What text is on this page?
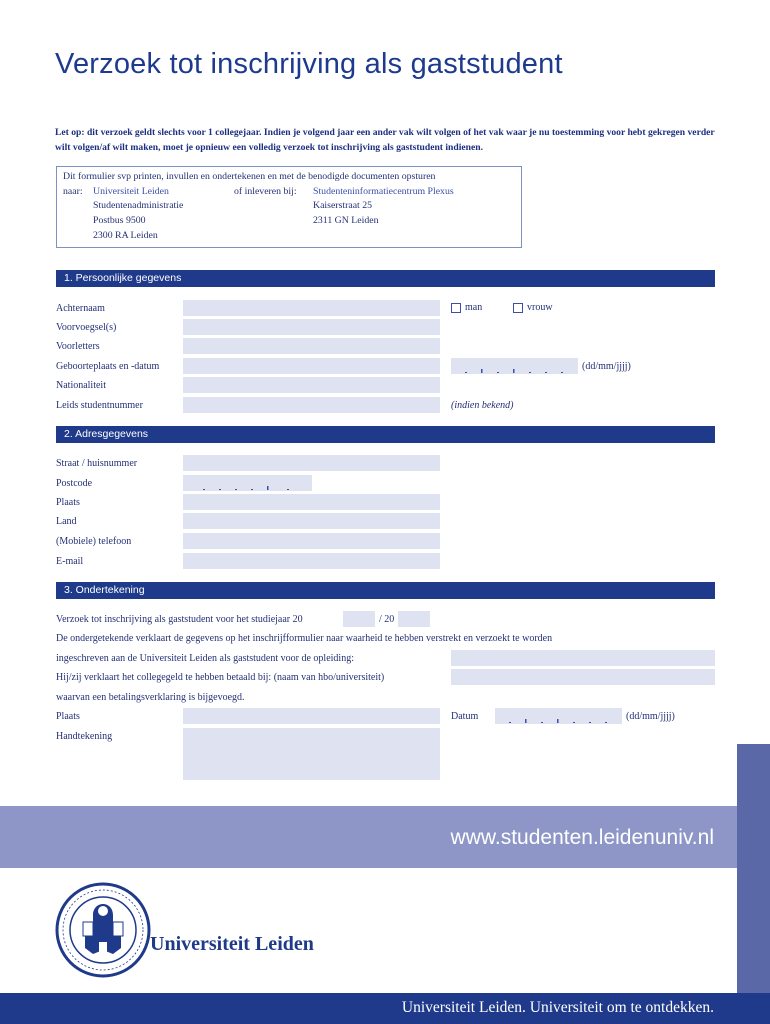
Verzoek tot inschrijving als gaststudent
Let op: dit verzoek geldt slechts voor 1 collegejaar. Indien je volgend jaar een ander vak wilt volgen of het vak waar je nu toestemming voor hebt gekregen verder wilt volgen/af wilt maken, moet je opnieuw een volledig verzoek tot inschrijving als gaststudent indienen.
Dit formulier svp printen, invullen en ondertekenen en met de benodigde documenten opsturen
naar: Universiteit Leiden
Studentenadministratie
Postbus 9500
2300 RA Leiden
of inleveren bij: Studenteninformatiecentrum Plexus
Kaiserstraat 25
2311 GN Leiden
1. Persoonlijke gegevens
Achternaam	man	vrouw
Voorvoegsel(s)
Voorletters
Geboorteplaats en -datum	(dd/mm/jjjj)
Nationaliteit
Leids studentnummer	(indien bekend)
2. Adresgegevens
Straat / huisnummer
Postcode
Plaats
Land
(Mobiele) telefoon
E-mail
3. Ondertekening
Verzoek tot inschrijving als gaststudent voor het studiejaar 20	/ 20
De ondergetekende verklaart de gegevens op het inschrijfformulier naar waarheid te hebben verstrekt en verzoekt te worden
ingeschreven aan de Universiteit Leiden als gaststudent voor de opleiding:
Hij/zij verklaart het collegegeld te hebben betaald bij: (naam van hbo/universiteit)
waarvan een betalingsverklaring is bijgevoegd.
Plaats	Datum	(dd/mm/jjjj)
Handtekening
www.studenten.leidenuniv.nl
Universiteit Leiden
Universiteit Leiden. Universiteit om te ontdekken.
